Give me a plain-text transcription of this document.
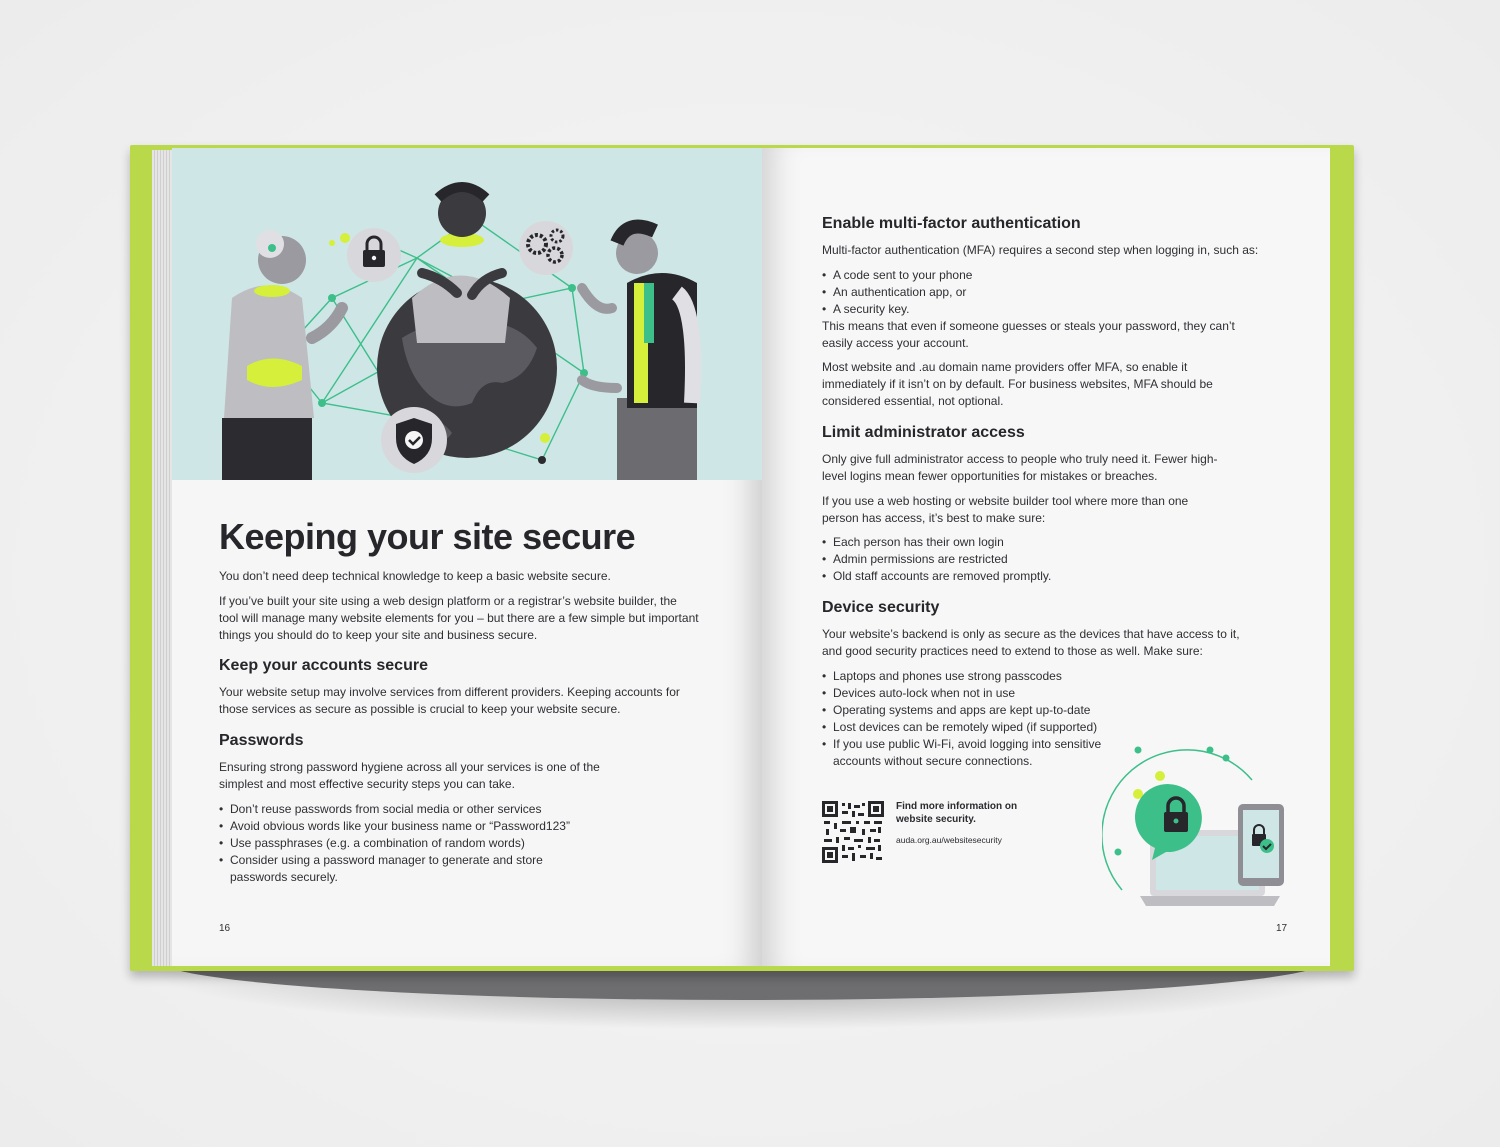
Keeping your site secure
You don’t need deep technical knowledge to keep a basic website secure.
If you’ve built your site using a web design platform or a registrar’s website builder, the tool will manage many website elements for you – but there are a few simple but important things you should do to keep your site and business secure.
Keep your accounts secure
Your website setup may involve services from different providers. Keeping accounts for those services as secure as possible is crucial to keep your website secure.
Passwords
Ensuring strong password hygiene across all your services is one of the simplest and most effective security steps you can take.
• Don’t reuse passwords from social media or other services
• Avoid obvious words like your business name or “Password123”
• Use passphrases (e.g. a combination of random words)
• Consider using a password manager to generate and store passwords securely.
16
Enable multi-factor authentication
Multi-factor authentication (MFA) requires a second step when logging in, such as:
• A code sent to your phone
• An authentication app, or
• A security key.
This means that even if someone guesses or steals your password, they can’t easily access your account.
Most website and .au domain name providers offer MFA, so enable it immediately if it isn’t on by default. For business websites, MFA should be considered essential, not optional.
Limit administrator access
Only give full administrator access to people who truly need it. Fewer high-level logins mean fewer opportunities for mistakes or breaches.
If you use a web hosting or website builder tool where more than one person has access, it’s best to make sure:
• Each person has their own login
• Admin permissions are restricted
• Old staff accounts are removed promptly.
Device security
Your website’s backend is only as secure as the devices that have access to it, and good security practices need to extend to those as well. Make sure:
• Laptops and phones use strong passcodes
• Devices auto-lock when not in use
• Operating systems and apps are kept up-to-date
• Lost devices can be remotely wiped (if supported)
• If you use public Wi-Fi, avoid logging into sensitive accounts without secure connections.
Find more information on website security.
auda.org.au/websitesecurity
17
